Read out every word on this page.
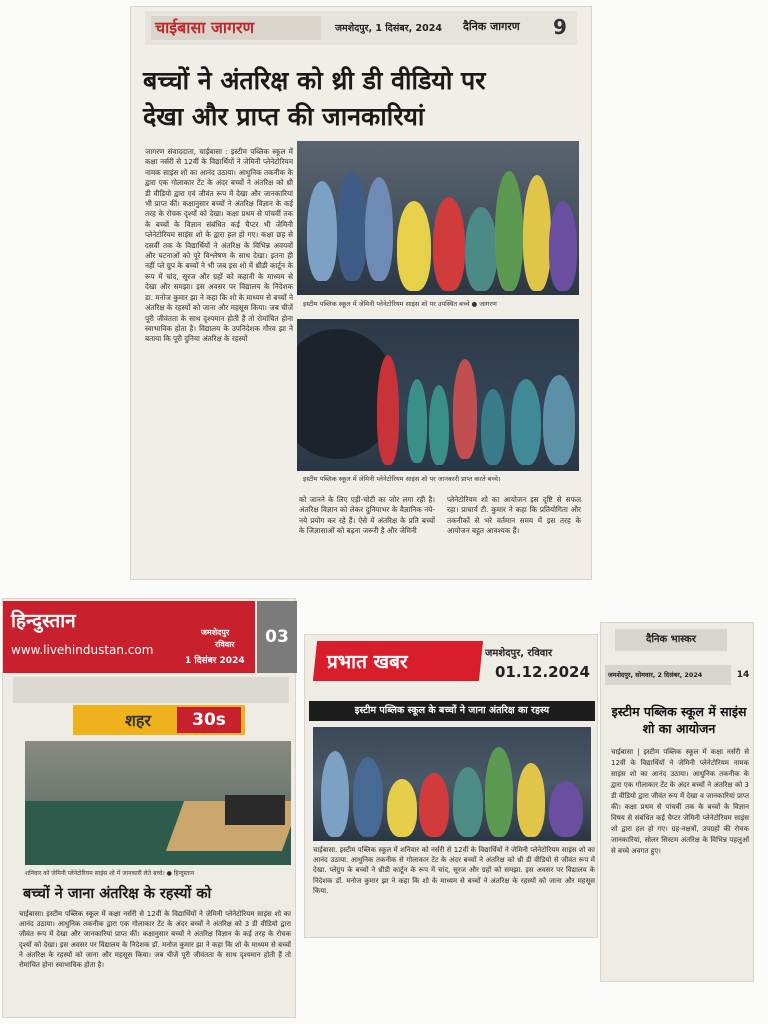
चाईबासा जागरण	जमशेदपुर, 1 दिसंबर, 2024 दैनिक जागरण 9
बच्चों ने अंतरिक्ष को थ्री डी वीडियो पर
देखा और प्राप्त की जानकारियां
जागरण संवाददाता, चाईबासा : इस्टीम पब्लिक स्कूल में कक्षा नर्सरी से 12वीं के विद्यार्थियों ने जेमिनी प्लेनेटोरियम नामक साइंस शो का आनंद उठाया। आधुनिक तकनीक के द्वारा एक गोलाकार टेंट के अंदर बच्चों ने अंतरिक्ष को थ्री डी वीडियो द्वारा एवं जीवंत रूप में देखा और जानकारियां भी प्राप्त कीं। कक्षानुसार बच्चों ने अंतरिक्ष विज्ञान के कई तरह के रोचक दृश्यों को देखा। कक्षा प्रथम से पांचवीं तक के बच्चों के विज्ञान संबंधित कई चैप्टर भी जेमिनी प्लेनेटोरियम साइंस शो के द्वारा हल हो गए। कक्षा छह से दसवीं तक के विद्यार्थियों ने अंतरिक्ष के विभिन्न अवयवों और घटनाओं को पूरे विश्लेषण के साथ देखा। इतना ही नहीं प्ले ग्रुप के बच्चों ने भी जब इस शो में थ्रीडी कार्टून के रूप में चांद, सूरज और ग्रहों को कहानी के माध्यम से देखा और समझा। इस अवसर पर विद्यालय के निदेशक डा. मनोज कुमार झा ने कहा कि शो के माध्यम से बच्चों ने अंतरिक्ष के रहस्यों को जाना और महसूस किया। जब चीजें पूरी जीवंतता के साथ दृश्यमान होती हैं तो रोमांचित होना स्वाभाविक होता है। विद्यालय के उपनिदेशक गौरव झा ने बताया कि पूरी दुनिया अंतरिक्ष के रहस्यों
इस्टीम पब्लिक स्कूल में जेमिनी प्लेनेटोरियम साइंस शो पर उपस्थित बच्चे ● जागरण
इस्टीम पब्लिक स्कूल में जेमिनी प्लेनेटोरियम साइंस शो पर जानकारी प्राप्त करते बच्चे।
को जानने के लिए एड़ी-चोटी का जोर लगा रही है। अंतरिक्ष विज्ञान को लेकर दुनियाभर के वैज्ञानिक नये-नये प्रयोग कर रहे हैं। ऐसे में अंतरिक्ष के प्रति बच्चों के जिज्ञासाओं को बढ़ना जरूरी है और जेमिनी
प्लेनेटोरियम शो का आयोजन इस दृष्टि से सफल रहा। प्राचार्य टी. कुमार ने कहा कि प्रतियोगिता और तकनीकों से भरे वर्तमान समय में इस तरह के आयोजन बहुत आवश्यक हैं।
हिन्दुस्तान
www.livehindustan.com
जमशेदपुर
रविवार
1 दिसंबर 2024
03
शहर	30s
शनिवार को जेमिनी प्लेनेटोरियम साइंस शो में जानकारी लेते बच्चे। ● हिन्दुस्तान
बच्चों ने जाना अंतरिक्ष के रहस्यों को
चाईबासा। इस्टीम पब्लिक स्कूल में कक्षा नर्सरी से 12वीं के विद्यार्थियों ने जेमिनी प्लेनेटोरियम साइंस शो का आनंद उठाया। आधुनिक तकनीक द्वारा एक गोलाकार टेंट के अंदर बच्चों ने अंतरिक्ष को 3 डी वीडियो द्वारा जीवंत रूप में देखा और जानकारियां प्राप्त कीं। कक्षानुसार बच्चों ने अंतरिक्ष विज्ञान के कई तरह के रोचक दृश्यों को देखा। इस अवसर पर विद्यालय के निदेशक डॉ. मनोज कुमार झा ने कहा कि शो के माध्यम से बच्चों ने अंतरिक्ष के रहस्यों को जाना और महसूस किया। जब चीजें पूरी जीवंतता के साथ दृश्यमान होती हैं तो रोमांचित होना स्वाभाविक होता है।
प्रभात खबर	जमशेदपुर, रविवार
01.12.2024
इस्टीम पब्लिक स्कूल के बच्चों ने जाना अंतरिक्ष का रहस्य
चाईबासा. इस्टीम पब्लिक स्कूल में शनिवार को नर्सरी से 12वीं के विद्यार्थियों ने जेमिनी प्लेनेटोरियम साइंस शो का आनंद उठाया. आधुनिक तकनीक से गोलाकार टेंट के अंदर बच्चों ने अंतरिक्ष को थ्री डी वीडियो से जीवंत रूप में देखा. प्लेग्रुप के बच्चों ने थ्रीडी कार्टून के रूप में चांद, सूरज और ग्रहों को समझा. इस अवसर पर विद्यालय के निदेशक डॉ. मनोज कुमार झा ने कहा कि शो के माध्यम से बच्चों ने अंतरिक्ष के रहस्यों को जाना और महसूस किया.
दैनिक भास्कर
जमशेदपुर, सोमवार, 2 दिसंबर, 2024	14
इस्टीम पब्लिक स्कूल में साइंस शो का आयोजन
चाईबासा | इस्टीम पब्लिक स्कूल में कक्षा नर्सरी से 12वीं के विद्यार्थियों ने जेमिनी प्लेनेटोरियम नामक साइंस शो का आनंद उठाया। आधुनिक तकनीक के द्वारा एक गोलाकार टेंट के अंदर बच्चों ने अंतरिक्ष को 3 डी वीडियो द्वारा जीवंत रूप में देखा व जानकारियां प्राप्त की। कक्षा प्रथम से पांचवीं तक के बच्चों के विज्ञान विषय से संबंधित कई चैप्टर जेमिनी प्लेनेटोरियम साइंस शो द्वारा हल हो गए। ग्रह-नक्षत्रों, उपग्रहों की रोचक जानकारियां, सोलर सिस्टम अंतरिक्ष के विभिन्न पहलुओं से बच्चे अवगत हुए।
